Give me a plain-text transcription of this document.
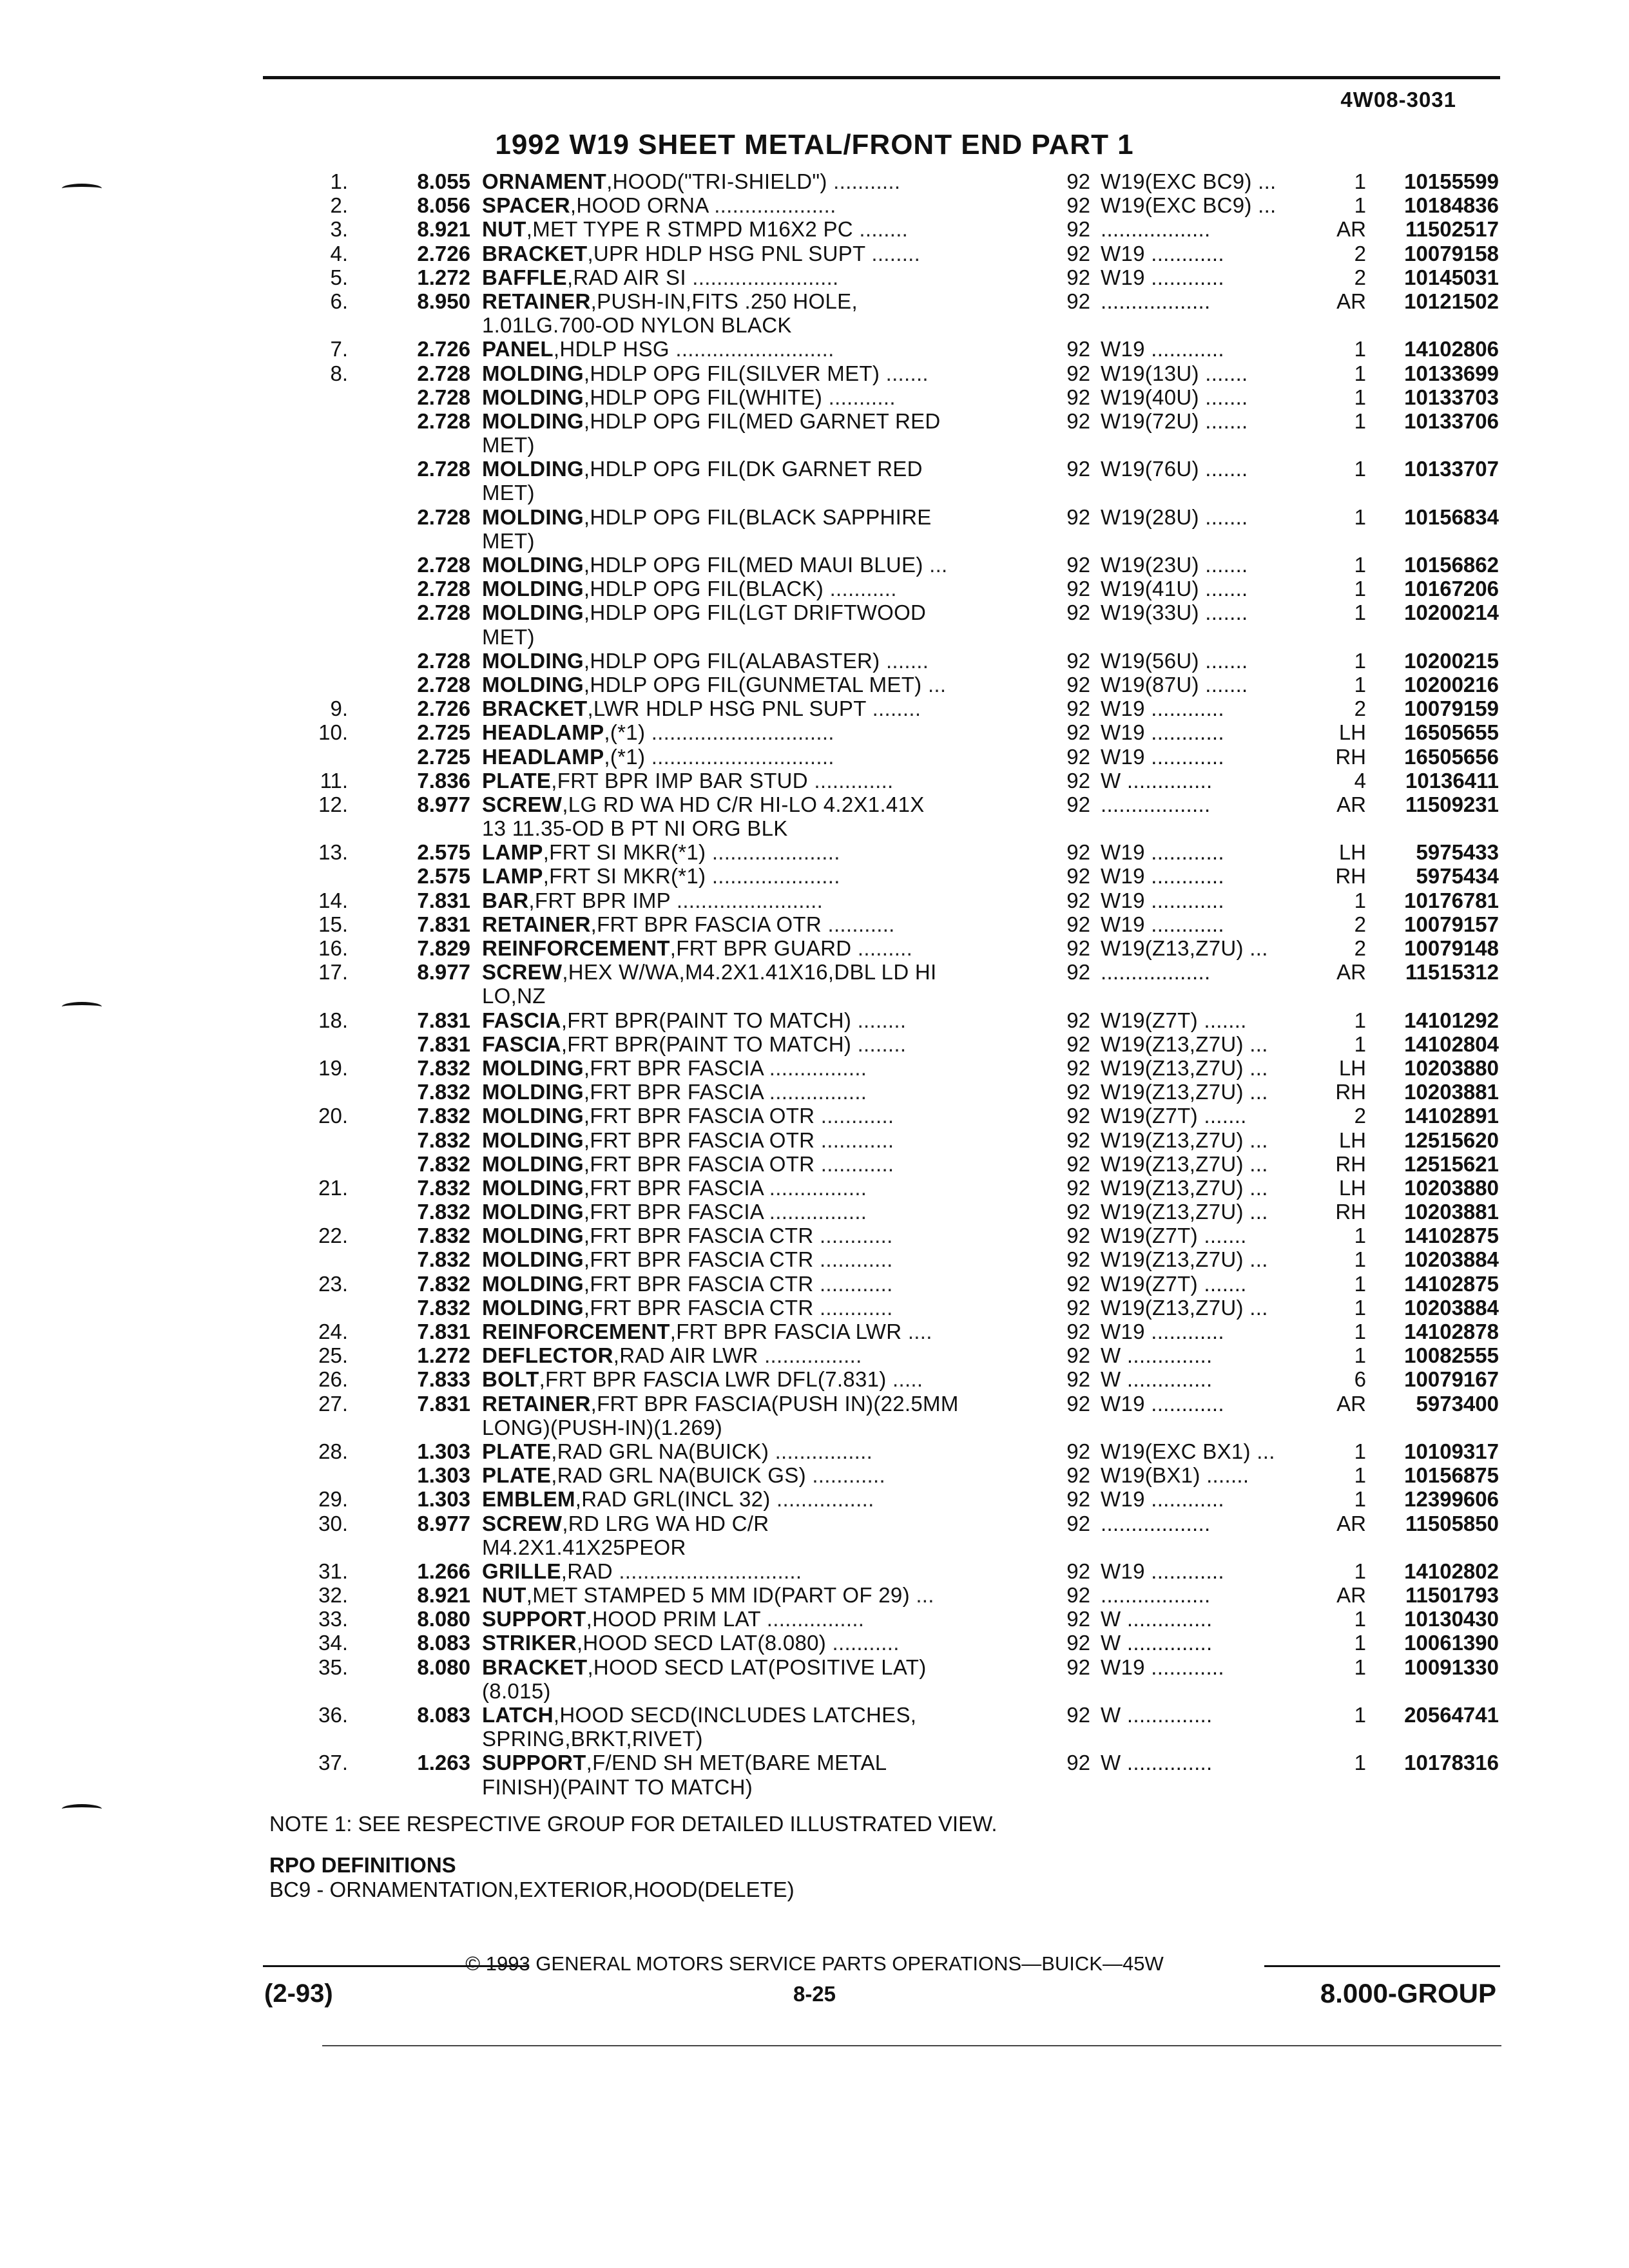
4W08-3031
1992 W19 SHEET METAL/FRONT END PART 1
1.	8.055 ORNAMENT,HOOD("TRI-SHIELD") ...........	92 W19(EXC BC9) ...	1	10155599
2.	8.056 SPACER,HOOD ORNA ....................	92 W19(EXC BC9) ...	1	10184836
3.	8.921 NUT,MET TYPE R STMPD M16X2 PC ........	92 ..................	AR	11502517
4.	2.726 BRACKET,UPR HDLP HSG PNL SUPT ........	92 W19 ............	2	10079158
5.	1.272 BAFFLE,RAD AIR SI ........................	92 W19 ............	2	10145031
6.	8.950 RETAINER,PUSH-IN,FITS .250 HOLE,	92 ..................	AR	10121502
1.01LG.700-OD NYLON BLACK
7.	2.726 PANEL,HDLP HSG ..........................	92 W19 ............	1	14102806
8.	2.728 MOLDING,HDLP OPG FIL(SILVER MET) .......	92 W19(13U) .......	1	10133699
2.728 MOLDING,HDLP OPG FIL(WHITE) ...........	92 W19(40U) .......	1	10133703
2.728 MOLDING,HDLP OPG FIL(MED GARNET RED	92 W19(72U) .......	1	10133706
MET)
2.728 MOLDING,HDLP OPG FIL(DK GARNET RED	92 W19(76U) .......	1	10133707
MET)
2.728 MOLDING,HDLP OPG FIL(BLACK SAPPHIRE	92 W19(28U) .......	1	10156834
MET)
2.728 MOLDING,HDLP OPG FIL(MED MAUI BLUE) ...	92 W19(23U) .......	1	10156862
2.728 MOLDING,HDLP OPG FIL(BLACK) ...........	92 W19(41U) .......	1	10167206
2.728 MOLDING,HDLP OPG FIL(LGT DRIFTWOOD	92 W19(33U) .......	1	10200214
MET)
2.728 MOLDING,HDLP OPG FIL(ALABASTER) .......	92 W19(56U) .......	1	10200215
2.728 MOLDING,HDLP OPG FIL(GUNMETAL MET) ...	92 W19(87U) .......	1	10200216
9.	2.726 BRACKET,LWR HDLP HSG PNL SUPT ........	92 W19 ............	2	10079159
10.	2.725 HEADLAMP,(*1) ..............................	92 W19 ............	LH	16505655
2.725 HEADLAMP,(*1) ..............................	92 W19 ............	RH	16505656
11.	7.836 PLATE,FRT BPR IMP BAR STUD .............	92 W ..............	4	10136411
12.	8.977 SCREW,LG RD WA HD C/R HI-LO 4.2X1.41X	92 ..................	AR	11509231
13 11.35-OD B PT NI ORG BLK
13.	2.575 LAMP,FRT SI MKR(*1) .....................	92 W19 ............	LH	5975433
2.575 LAMP,FRT SI MKR(*1) .....................	92 W19 ............	RH	5975434
14.	7.831 BAR,FRT BPR IMP ........................	92 W19 ............	1	10176781
15.	7.831 RETAINER,FRT BPR FASCIA OTR ...........	92 W19 ............	2	10079157
16.	7.829 REINFORCEMENT,FRT BPR GUARD .........	92 W19(Z13,Z7U) ...	2	10079148
17.	8.977 SCREW,HEX W/WA,M4.2X1.41X16,DBL LD HI	92 ..................	AR	11515312
LO,NZ
18.	7.831 FASCIA,FRT BPR(PAINT TO MATCH) ........	92 W19(Z7T) .......	1	14101292
7.831 FASCIA,FRT BPR(PAINT TO MATCH) ........	92 W19(Z13,Z7U) ...	1	14102804
19.	7.832 MOLDING,FRT BPR FASCIA ................	92 W19(Z13,Z7U) ...	LH	10203880
7.832 MOLDING,FRT BPR FASCIA ................	92 W19(Z13,Z7U) ...	RH	10203881
20.	7.832 MOLDING,FRT BPR FASCIA OTR ............	92 W19(Z7T) .......	2	14102891
7.832 MOLDING,FRT BPR FASCIA OTR ............	92 W19(Z13,Z7U) ...	LH	12515620
7.832 MOLDING,FRT BPR FASCIA OTR ............	92 W19(Z13,Z7U) ...	RH	12515621
21.	7.832 MOLDING,FRT BPR FASCIA ................	92 W19(Z13,Z7U) ...	LH	10203880
7.832 MOLDING,FRT BPR FASCIA ................	92 W19(Z13,Z7U) ...	RH	10203881
22.	7.832 MOLDING,FRT BPR FASCIA CTR ............	92 W19(Z7T) .......	1	14102875
7.832 MOLDING,FRT BPR FASCIA CTR ............	92 W19(Z13,Z7U) ...	1	10203884
23.	7.832 MOLDING,FRT BPR FASCIA CTR ............	92 W19(Z7T) .......	1	14102875
7.832 MOLDING,FRT BPR FASCIA CTR ............	92 W19(Z13,Z7U) ...	1	10203884
24.	7.831 REINFORCEMENT,FRT BPR FASCIA LWR ....	92 W19 ............	1	14102878
25.	1.272 DEFLECTOR,RAD AIR LWR ................	92 W ..............	1	10082555
26.	7.833 BOLT,FRT BPR FASCIA LWR DFL(7.831) .....	92 W ..............	6	10079167
27.	7.831 RETAINER,FRT BPR FASCIA(PUSH IN)(22.5MM	92 W19 ............	AR	5973400
LONG)(PUSH-IN)(1.269)
28.	1.303 PLATE,RAD GRL NA(BUICK) ................	92 W19(EXC BX1) ...	1	10109317
1.303 PLATE,RAD GRL NA(BUICK GS) ............	92 W19(BX1) .......	1	10156875
29.	1.303 EMBLEM,RAD GRL(INCL 32) ................	92 W19 ............	1	12399606
30.	8.977 SCREW,RD LRG WA HD C/R	92 ..................	AR	11505850
M4.2X1.41X25PEOR
31.	1.266 GRILLE,RAD ..............................	92 W19 ............	1	14102802
32.	8.921 NUT,MET STAMPED 5 MM ID(PART OF 29) ...	92 ..................	AR	11501793
33.	8.080 SUPPORT,HOOD PRIM LAT ................	92 W ..............	1	10130430
34.	8.083 STRIKER,HOOD SECD LAT(8.080) ...........	92 W ..............	1	10061390
35.	8.080 BRACKET,HOOD SECD LAT(POSITIVE LAT)	92 W19 ............	1	10091330
(8.015)
36.	8.083 LATCH,HOOD SECD(INCLUDES LATCHES,	92 W ..............	1	20564741
SPRING,BRKT,RIVET)
37.	1.263 SUPPORT,F/END SH MET(BARE METAL	92 W ..............	1	10178316
FINISH)(PAINT TO MATCH)
NOTE 1: SEE RESPECTIVE GROUP FOR DETAILED ILLUSTRATED VIEW.
RPO DEFINITIONS
BC9 - ORNAMENTATION,EXTERIOR,HOOD(DELETE)
© 1993 GENERAL MOTORS SERVICE PARTS OPERATIONS—BUICK—45W
(2-93)	8-25	8.000-GROUP
